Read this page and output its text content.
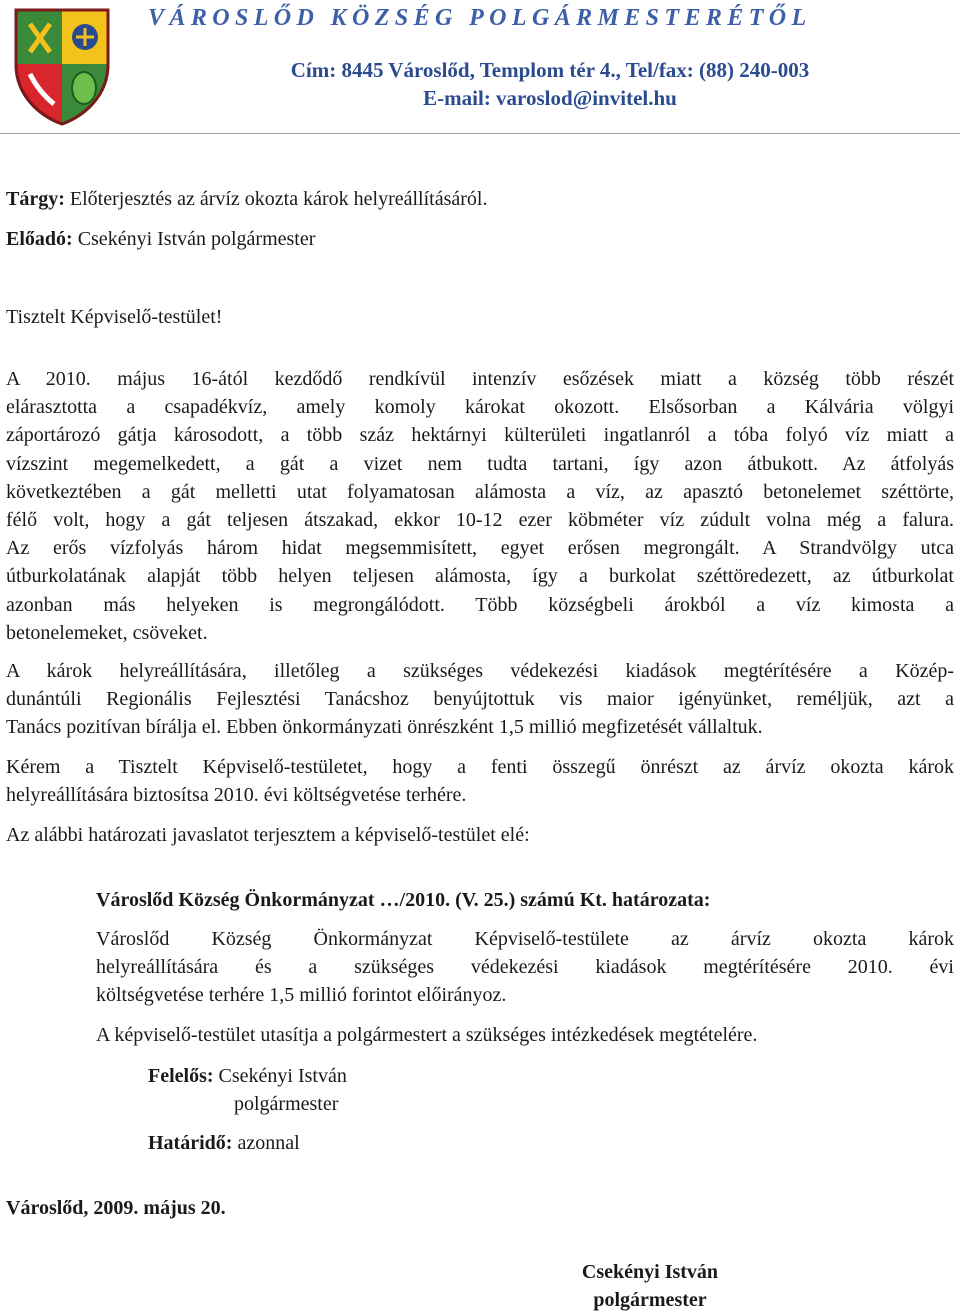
VÁROSLŐD KÖZSÉG POLGÁRMESTERÉTŐL
Cím: 8445 Városlőd, Templom tér 4., Tel/fax: (88) 240-003
E-mail: varoslod@invitel.hu
Tárgy: Előterjesztés az árvíz okozta károk helyreállításáról.
Előadó: Csekényi István polgármester
Tisztelt Képviselő-testület!
A 2010. május 16-ától kezdődő rendkívül intenzív esőzések miatt a község több részét
elárasztotta a csapadékvíz, amely komoly károkat okozott. Elsősorban a Kálvária völgyi
záportározó gátja károsodott, a több száz hektárnyi külterületi ingatlanról a tóba folyó víz miatt a
vízszint megemelkedett, a gát a vizet nem tudta tartani, így azon átbukott. Az átfolyás
következtében a gát melletti utat folyamatosan alámosta a víz, az apasztó betonelemet széttörte,
félő volt, hogy a gát teljesen átszakad, ekkor 10-12 ezer köbméter víz zúdult volna még a falura.
Az erős vízfolyás három hidat megsemmisített, egyet erősen megrongált. A Strandvölgy utca
útburkolatának alapját több helyen teljesen alámosta, így a burkolat széttöredezett, az útburkolat
azonban más helyeken is megrongálódott. Több községbeli árokból a víz kimosta a
betonelemeket, csöveket.
A károk helyreállítására, illetőleg a szükséges védekezési kiadások megtérítésére a Közép-
dunántúli Regionális Fejlesztési Tanácshoz benyújtottuk vis maior igényünket, reméljük, azt a
Tanács pozitívan bírálja el. Ebben önkormányzati önrészként 1,5 millió megfizetését vállaltuk.
Kérem a Tisztelt Képviselő-testületet, hogy a fenti összegű önrészt az árvíz okozta károk
helyreállítására biztosítsa 2010. évi költségvetése terhére.
Az alábbi határozati javaslatot terjesztem a képviselő-testület elé:
Városlőd Község Önkormányzat …/2010. (V. 25.) számú Kt. határozata:
Városlőd Község Önkormányzat Képviselő-testülete az árvíz okozta károk
helyreállítására és a szükséges védekezési kiadások megtérítésére 2010. évi
költségvetése terhére 1,5 millió forintot előirányoz.
A képviselő-testület utasítja a polgármestert a szükséges intézkedések megtételére.
Felelős: Csekényi István
polgármester
Határidő: azonnal
Városlőd, 2009. május 20.
Csekényi István
polgármester
